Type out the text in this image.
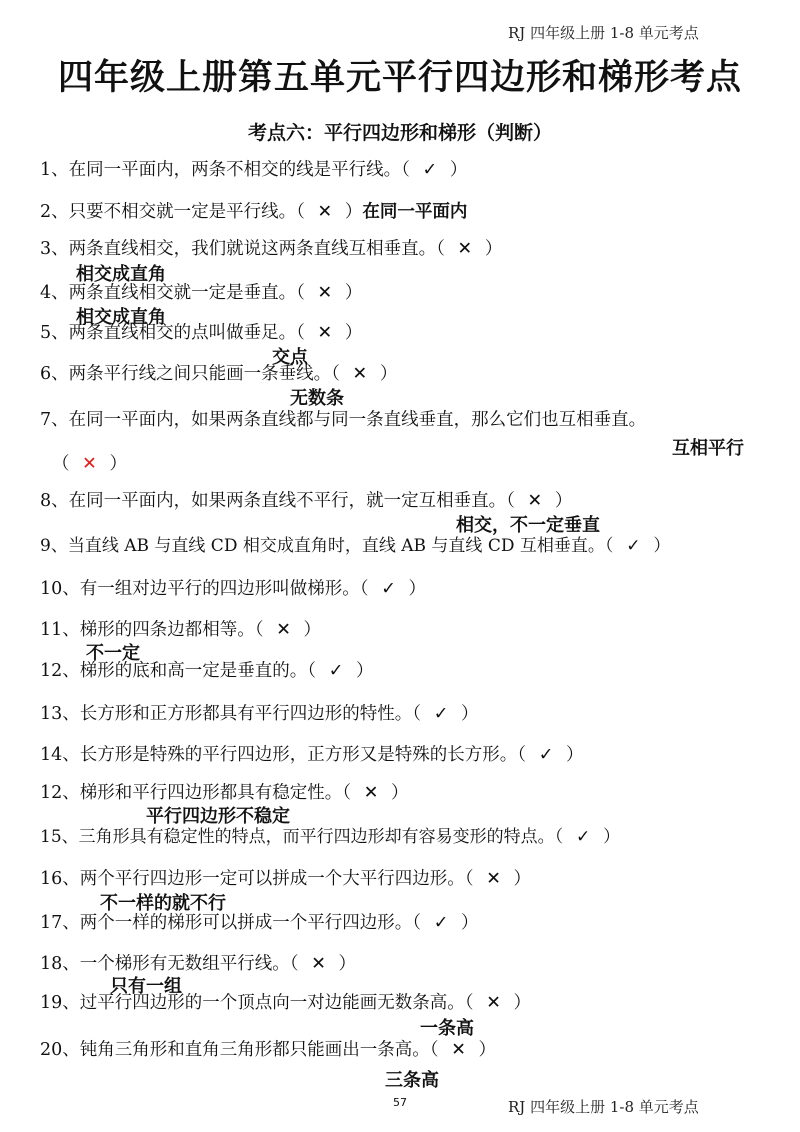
RJ 四年级上册 1-8 单元考点
四年级上册第五单元平行四边形和梯形考点
考点六：平行四边形和梯形（判断）
1、在同一平面内，两条不相交的线是平行线。（ ✓ ）
2、只要不相交就一定是平行线。（ ✕ ）在同一平面内
3、两条直线相交，我们就说这两条直线互相垂直。（ ✕ ）
相交成直角
4、两条直线相交就一定是垂直。（ ✕ ）
相交成直角
5、两条直线相交的点叫做垂足。（ ✕ ）
交点
6、两条平行线之间只能画一条垂线。（ ✕ ）
无数条
7、在同一平面内，如果两条直线都与同一条直线垂直，那么它们也互相垂直。
互相平行
（ ✕ ）
8、在同一平面内，如果两条直线不平行，就一定互相垂直。（ ✕ ）
相交，不一定垂直
9、当直线 AB 与直线 CD 相交成直角时，直线 AB 与直线 CD 互相垂直。（ ✓ ）
10、有一组对边平行的四边形叫做梯形。（ ✓ ）
11、梯形的四条边都相等。（ ✕ ）
不一定
12、梯形的底和高一定是垂直的。（ ✓ ）
13、长方形和正方形都具有平行四边形的特性。（ ✓ ）
14、长方形是特殊的平行四边形，正方形又是特殊的长方形。（ ✓ ）
12、梯形和平行四边形都具有稳定性。（ ✕ ）
平行四边形不稳定
15、三角形具有稳定性的特点，而平行四边形却有容易变形的特点。（ ✓ ）
16、两个平行四边形一定可以拼成一个大平行四边形。（ ✕ ）
不一样的就不行
17、两个一样的梯形可以拼成一个平行四边形。（ ✓ ）
18、一个梯形有无数组平行线。（ ✕ ）
只有一组
19、过平行四边形的一个顶点向一对边能画无数条高。（ ✕ ）
一条高
20、钝角三角形和直角三角形都只能画出一条高。（ ✕ ）
三条高
57	RJ 四年级上册 1-8 单元考点
